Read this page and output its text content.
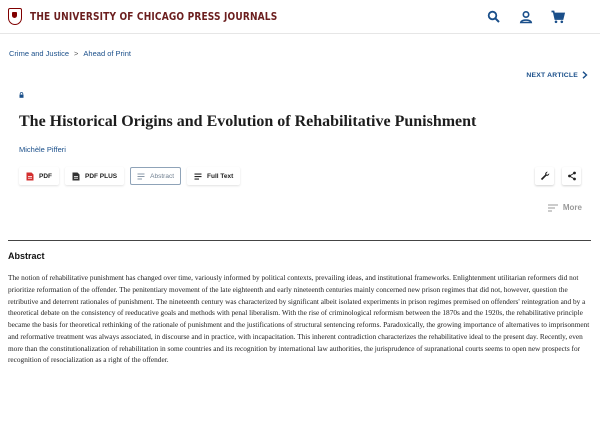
THE UNIVERSITY OF CHICAGO PRESS JOURNALS
Crime and Justice > Ahead of Print
NEXT ARTICLE
The Historical Origins and Evolution of Rehabilitative Punishment
Michèle Pifferi
PDF	PDF PLUS	Abstract	Full Text
More
Abstract

The notion of rehabilitative punishment has changed over time, variously informed by political contexts, prevailing ideas, and institutional frameworks. Enlightenment utilitarian reformers did not prioritize reformation of the offender. The penitentiary movement of the late eighteenth and early nineteenth centuries mainly concerned new prison regimes that did not, however, question the retributive and deterrent rationales of punishment. The nineteenth century was characterized by significant albeit isolated experiments in prison regimes premised on offenders' reintegration and by a theoretical debate on the consistency of reeducative goals and methods with penal liberalism. With the rise of criminological reformism between the 1870s and the 1920s, the rehabilitative principle became the basis for theoretical rethinking of the rationale of punishment and the justifications of structural sentencing reforms. Paradoxically, the growing importance of alternatives to imprisonment and reformative treatment was always associated, in discourse and in practice, with incapacitation. This inherent contradiction characterizes the rehabilitative ideal to the present day. Recently, even more than the constitutionalization of rehabilitation in some countries and its recognition by international law authorities, the jurisprudence of supranational courts seems to open new prospects for recognition of resocialization as a right of the offender.
